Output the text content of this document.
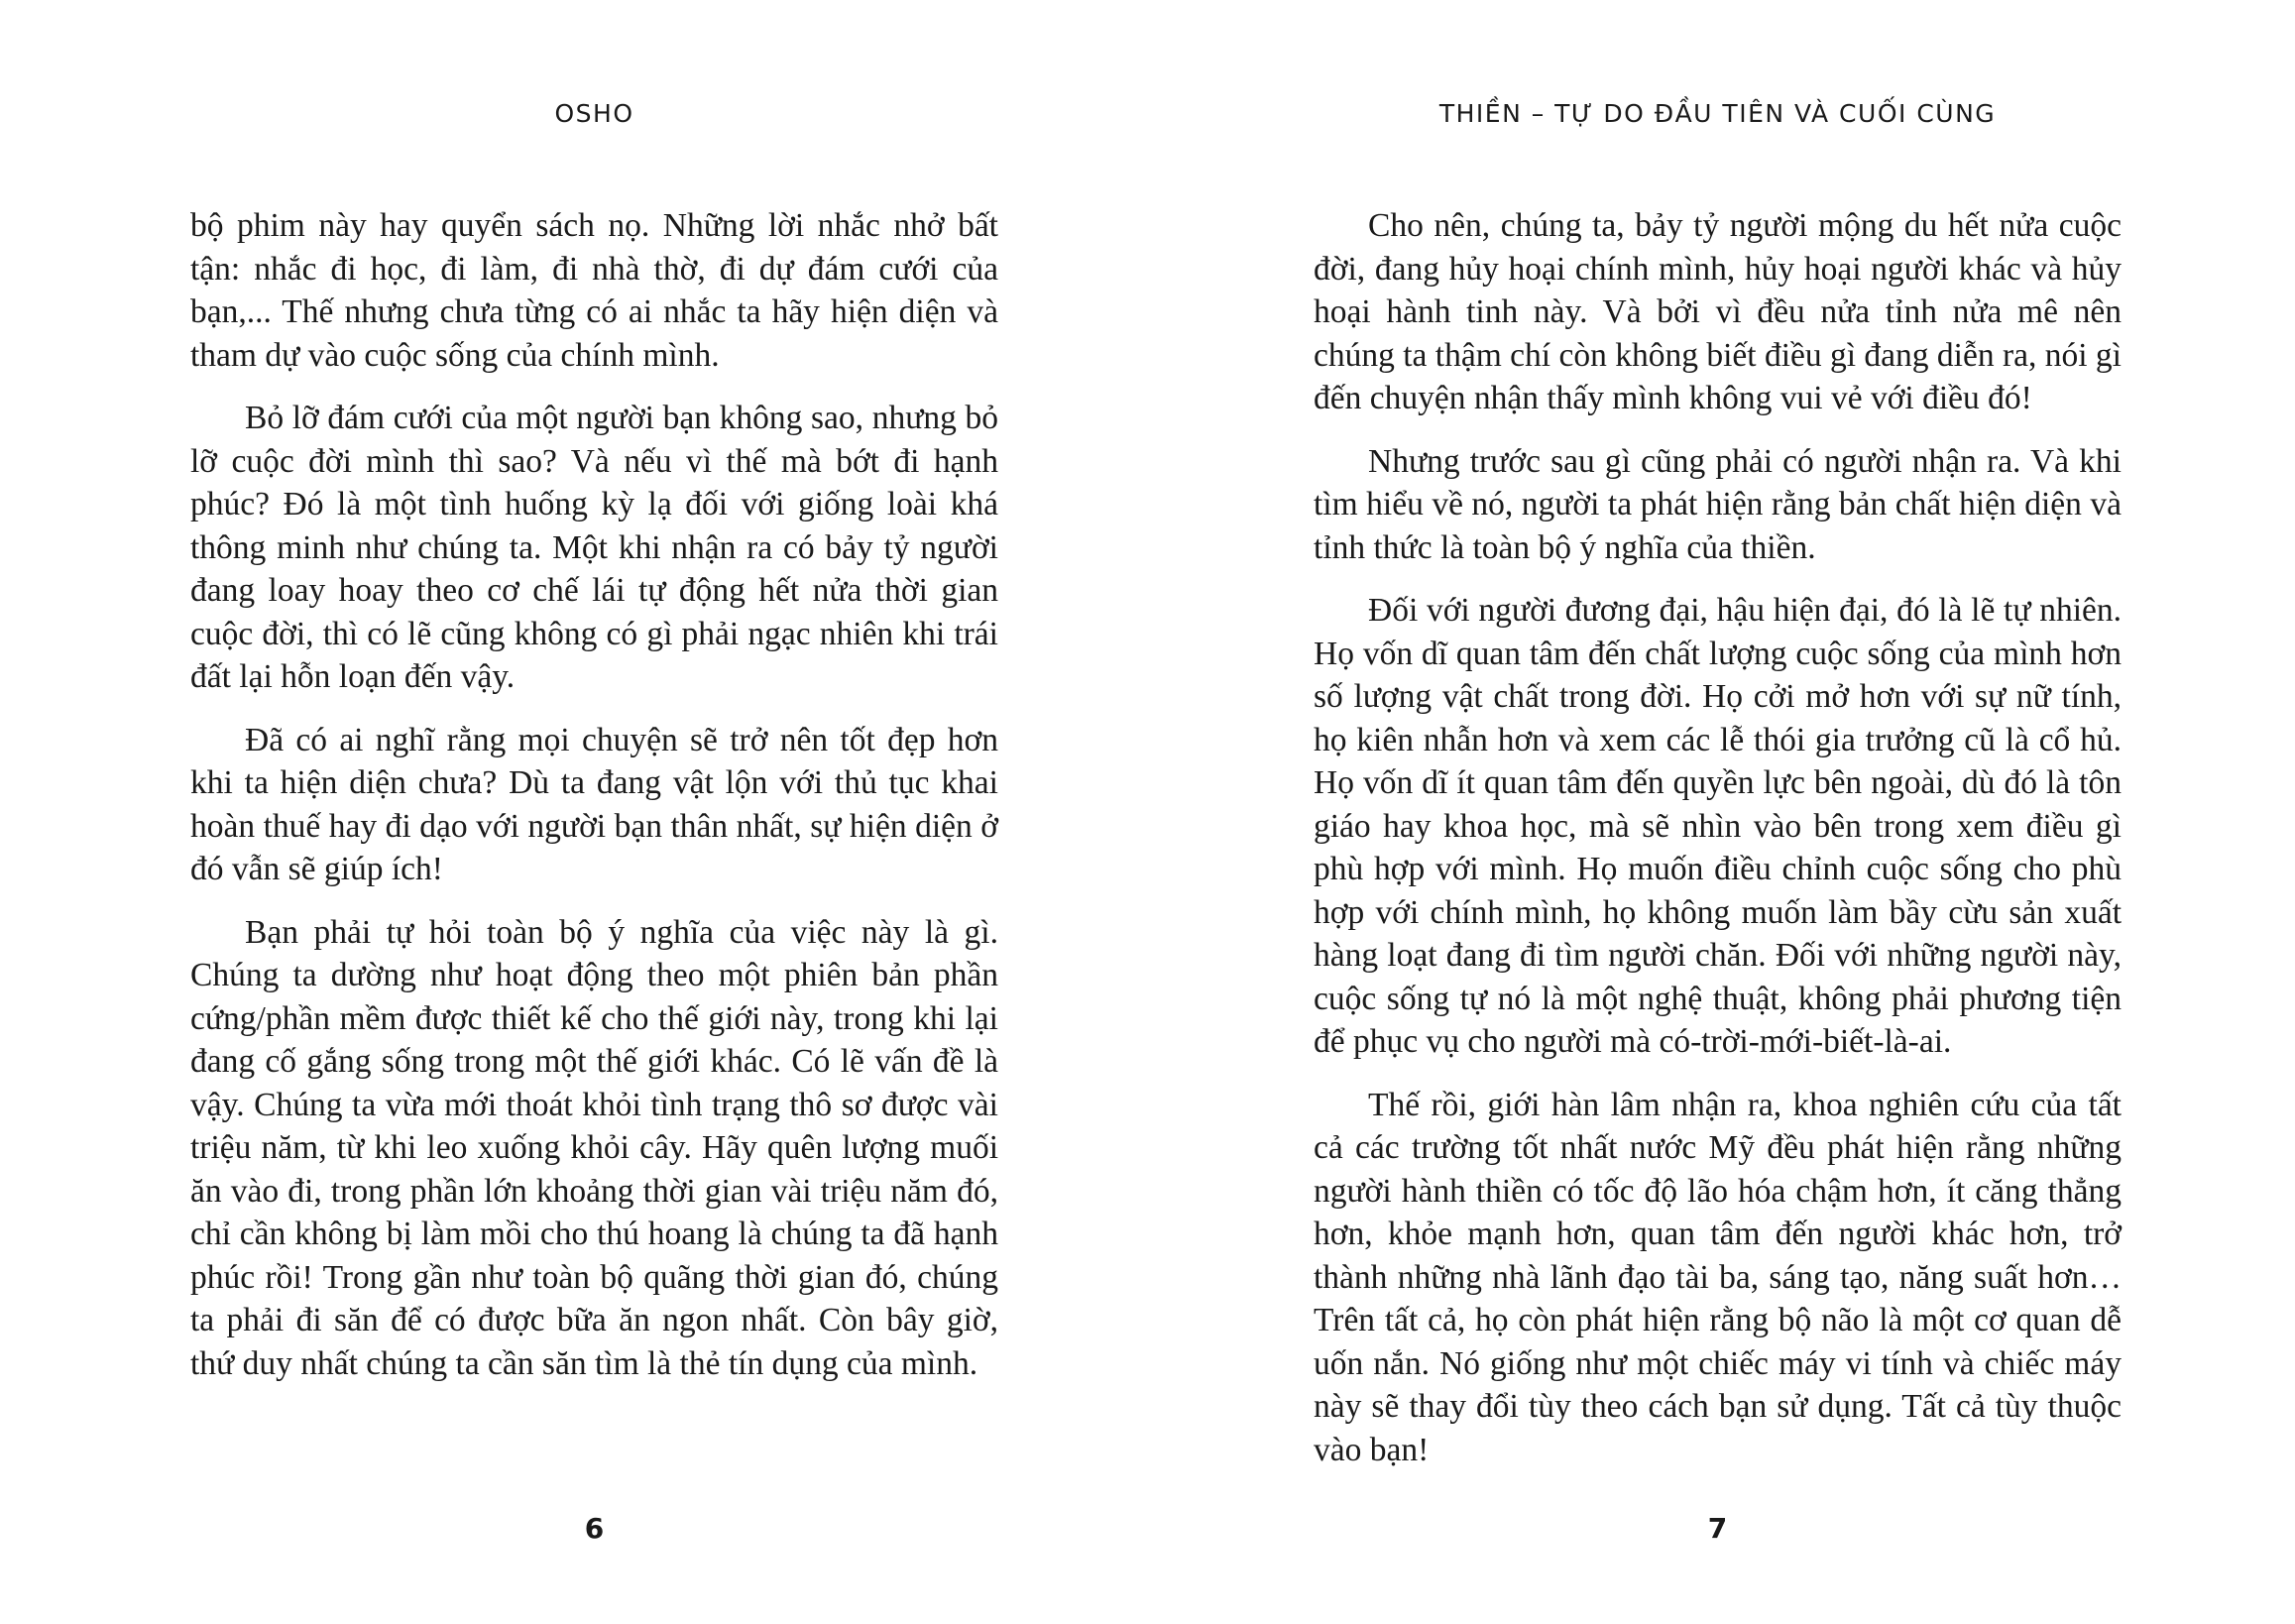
OSHO

bộ phim này hay quyển sách nọ. Những lời nhắc nhở bất tận: nhắc đi học, đi làm, đi nhà thờ, đi dự đám cưới của bạn,... Thế nhưng chưa từng có ai nhắc ta hãy hiện diện và tham dự vào cuộc sống của chính mình.

Bỏ lỡ đám cưới của một người bạn không sao, nhưng bỏ lỡ cuộc đời mình thì sao? Và nếu vì thế mà bớt đi hạnh phúc? Đó là một tình huống kỳ lạ đối với giống loài khá thông minh như chúng ta. Một khi nhận ra có bảy tỷ người đang loay hoay theo cơ chế lái tự động hết nửa thời gian cuộc đời, thì có lẽ cũng không có gì phải ngạc nhiên khi trái đất lại hỗn loạn đến vậy.

Đã có ai nghĩ rằng mọi chuyện sẽ trở nên tốt đẹp hơn khi ta hiện diện chưa? Dù ta đang vật lộn với thủ tục khai hoàn thuế hay đi dạo với người bạn thân nhất, sự hiện diện ở đó vẫn sẽ giúp ích!

Bạn phải tự hỏi toàn bộ ý nghĩa của việc này là gì. Chúng ta dường như hoạt động theo một phiên bản phần cứng/phần mềm được thiết kế cho thế giới này, trong khi lại đang cố gắng sống trong một thế giới khác. Có lẽ vấn đề là vậy. Chúng ta vừa mới thoát khỏi tình trạng thô sơ được vài triệu năm, từ khi leo xuống khỏi cây. Hãy quên lượng muối ăn vào đi, trong phần lớn khoảng thời gian vài triệu năm đó, chỉ cần không bị làm mồi cho thú hoang là chúng ta đã hạnh phúc rồi! Trong gần như toàn bộ quãng thời gian đó, chúng ta phải đi săn để có được bữa ăn ngon nhất. Còn bây giờ, thứ duy nhất chúng ta cần săn tìm là thẻ tín dụng của mình.

6
THIỀN – TỰ DO ĐẦU TIÊN VÀ CUỐI CÙNG

Cho nên, chúng ta, bảy tỷ người mộng du hết nửa cuộc đời, đang hủy hoại chính mình, hủy hoại người khác và hủy hoại hành tinh này. Và bởi vì đều nửa tỉnh nửa mê nên chúng ta thậm chí còn không biết điều gì đang diễn ra, nói gì đến chuyện nhận thấy mình không vui vẻ với điều đó!

Nhưng trước sau gì cũng phải có người nhận ra. Và khi tìm hiểu về nó, người ta phát hiện rằng bản chất hiện diện và tỉnh thức là toàn bộ ý nghĩa của thiền.

Đối với người đương đại, hậu hiện đại, đó là lẽ tự nhiên. Họ vốn dĩ quan tâm đến chất lượng cuộc sống của mình hơn số lượng vật chất trong đời. Họ cởi mở hơn với sự nữ tính, họ kiên nhẫn hơn và xem các lễ thói gia trưởng cũ là cổ hủ. Họ vốn dĩ ít quan tâm đến quyền lực bên ngoài, dù đó là tôn giáo hay khoa học, mà sẽ nhìn vào bên trong xem điều gì phù hợp với mình. Họ muốn điều chỉnh cuộc sống cho phù hợp với chính mình, họ không muốn làm bầy cừu sản xuất hàng loạt đang đi tìm người chăn. Đối với những người này, cuộc sống tự nó là một nghệ thuật, không phải phương tiện để phục vụ cho người mà có-trời-mới-biết-là-ai.

Thế rồi, giới hàn lâm nhận ra, khoa nghiên cứu của tất cả các trường tốt nhất nước Mỹ đều phát hiện rằng những người hành thiền có tốc độ lão hóa chậm hơn, ít căng thẳng hơn, khỏe mạnh hơn, quan tâm đến người khác hơn, trở thành những nhà lãnh đạo tài ba, sáng tạo, năng suất hơn… Trên tất cả, họ còn phát hiện rằng bộ não là một cơ quan dễ uốn nắn. Nó giống như một chiếc máy vi tính và chiếc máy này sẽ thay đổi tùy theo cách bạn sử dụng. Tất cả tùy thuộc vào bạn!

7
